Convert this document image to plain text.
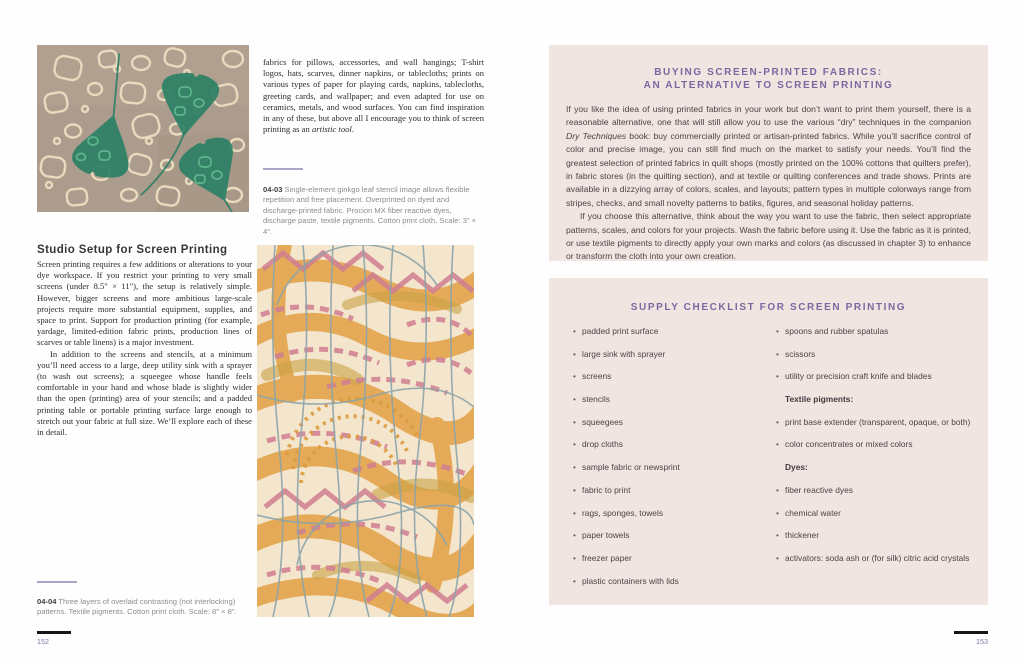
fabrics for pillows, accessories, and wall hangings; T-shirt logos, hats, scarves, dinner napkins, or tablecloths; prints on various types of paper for playing cards, napkins, tablecloths, greeting cards, and wallpaper; and even adapted for use on ceramics, metals, and wood surfaces. You can find inspiration in any of these, but above all I encourage you to think of screen printing as an artistic tool.

04-03 Single-element ginkgo leaf stencil image allows flexible repetition and free placement. Overprinted on dyed and discharge-printed fabric. Procion MX fiber reactive dyes, discharge paste, textile pigments. Cotton print cloth. Scale: 3" × 4".

Studio Setup for Screen Printing

Screen printing requires a few additions or alterations to your dye workspace. If you restrict your printing to very small screens (under 8.5" × 11"), the setup is relatively simple. However, bigger screens and more ambitious large-scale projects require more substantial equipment, supplies, and space to print. Support for production printing (for example, yardage, limited-edition fabric prints, production lines of scarves or table linens) is a major investment.

In addition to the screens and stencils, at a minimum you’ll need access to a large, deep utility sink with a sprayer (to wash out screens); a squeegee whose handle feels comfortable in your hand and whose blade is slightly wider than the open (printing) area of your stencils; and a padded printing table or portable printing surface large enough to stretch out your fabric at full size. We’ll explore each of these in detail.

04-04 Three layers of overlaid contrasting (not interlocking) patterns. Textile pigments. Cotton print cloth. Scale: 8" × 8".

152
BUYING SCREEN-PRINTED FABRICS:
AN ALTERNATIVE TO SCREEN PRINTING

If you like the idea of using printed fabrics in your work but don’t want to print them yourself, there is a reasonable alternative, one that will still allow you to use the various “dry” techniques in the companion Dry Techniques book: buy commercially printed or artisan-printed fabrics. While you’ll sacrifice control of color and precise image, you can still find much on the market to satisfy your needs. You’ll find the greatest selection of printed fabrics in quilt shops (mostly printed on the 100% cottons that quilters prefer), in fabric stores (in the quilting section), and at textile or quilting conferences and trade shows. Prints are available in a dizzying array of colors, scales, and layouts; pattern types in multiple colorways range from stripes, checks, and small novelty patterns to batiks, figures, and seasonal holiday patterns.

If you choose this alternative, think about the way you want to use the fabric, then select appropriate patterns, scales, and colors for your projects. Wash the fabric before using it. Use the fabric as it is printed, or use textile pigments to directly apply your own marks and colors (as discussed in chapter 3) to enhance or transform the cloth into your own creation.

SUPPLY CHECKLIST FOR SCREEN PRINTING
• padded print surface
• large sink with sprayer
• screens
• stencils
• squeegees
• drop cloths
• sample fabric or newsprint
• fabric to print
• rags, sponges, towels
• paper towels
• freezer paper
• plastic containers with lids
• spoons and rubber spatulas
• scissors
• utility or precision craft knife and blades
Textile pigments:
• print base extender (transparent, opaque, or both)
• color concentrates or mixed colors
Dyes:
• fiber reactive dyes
• chemical water
• thickener
• activators: soda ash or (for silk) citric acid crystals
153
